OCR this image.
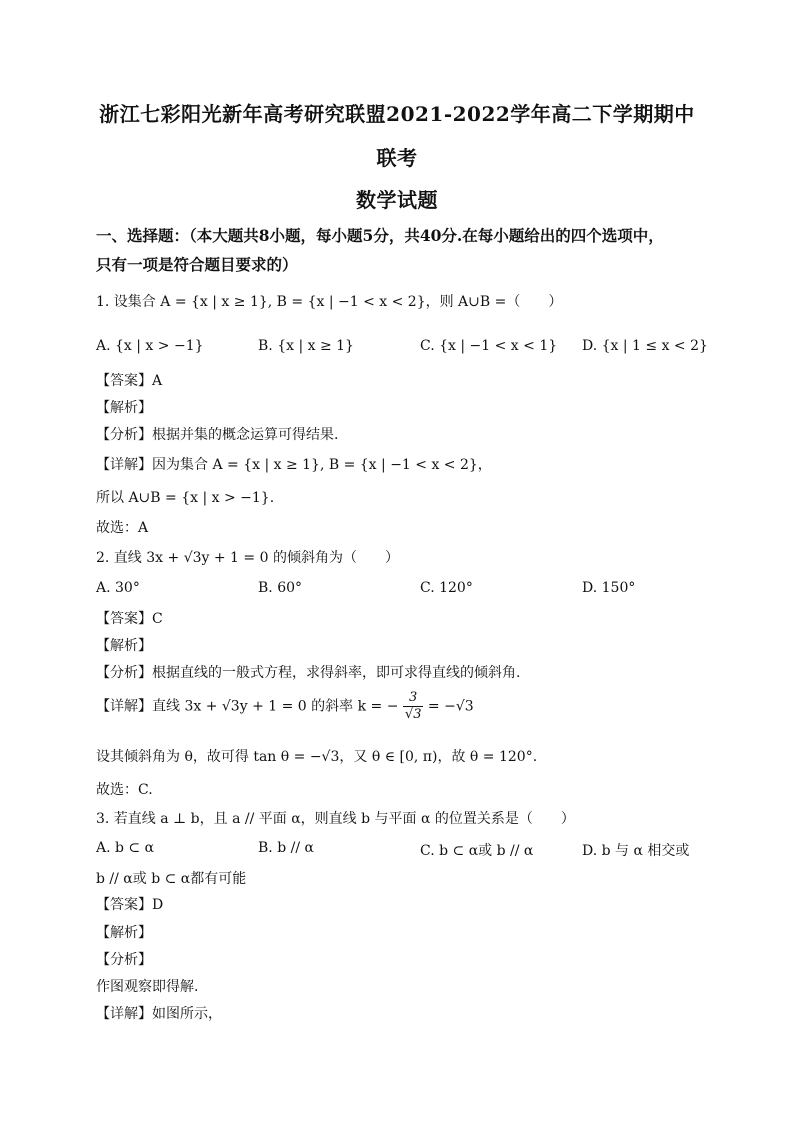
浙江七彩阳光新年高考研究联盟2021-2022学年高二下学期期中
联考
数学试题
一、选择题：（本大题共8小题，每小题5分，共40分.在每小题给出的四个选项中，
只有一项是符合题目要求的）
1. 设集合 A = {x | x ≥ 1}, B = {x | −1 < x < 2}，则 A∪B =（　　）
A. {x | x > −1}	B. {x | x ≥ 1}	C. {x | −1 < x < 1} D. {x | 1 ≤ x < 2}
【答案】A
【解析】
【分析】根据并集的概念运算可得结果.
【详解】因为集合 A = {x | x ≥ 1}, B = {x | −1 < x < 2}，
所以 A∪B = {x | x > −1}.
故选：A
2. 直线 3x + √3y + 1 = 0 的倾斜角为（　　）
A. 30°	B. 60°	C. 120°	D. 150°
【答案】C
【解析】
【分析】根据直线的一般式方程，求得斜率，即可求得直线的倾斜角.
【详解】直线 3x + √3y + 1 = 0 的斜率 k = − $\frac{3}{√3} = -√3$
设其倾斜角为 θ，故可得 tan θ = −√3，又 θ ∈ [0, π)，故 θ = 120°.
故选：C.
3. 若直线 a ⊥ b，且 a // 平面 α，则直线 b 与平面 α 的位置关系是（　　）
A. b ⊂ α	B. b // α	C. b ⊂ α或 b // α	D. b 与 α 相交或
b // α或 b ⊂ α都有可能
【答案】D
【解析】
【分析】
作图观察即得解.
【详解】如图所示，
